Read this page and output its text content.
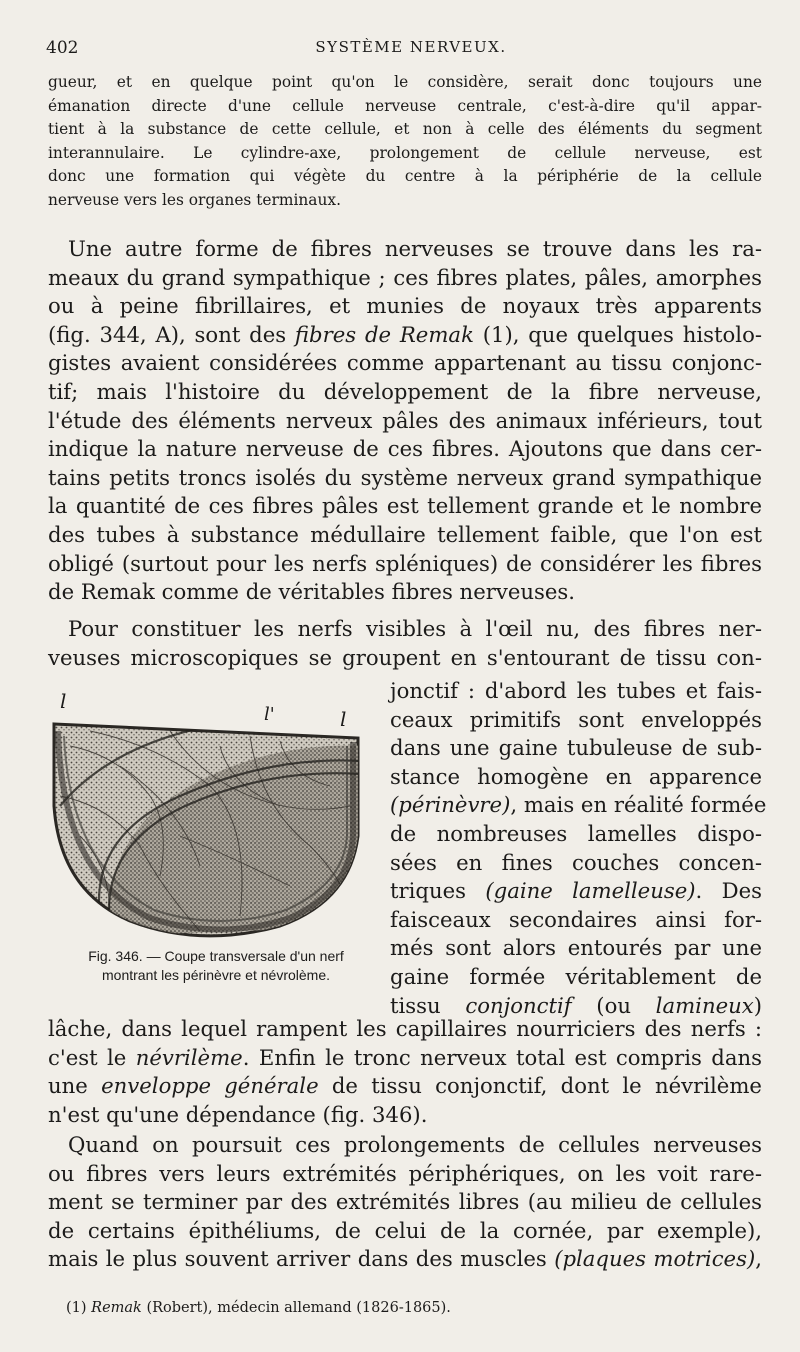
402	SYSTÈME NERVEUX.
gueur, et en quelque point qu'on le considère, serait donc toujours une
émanation directe d'une cellule nerveuse centrale, c'est-à-dire qu'il appar-
tient à la substance de cette cellule, et non à celle des éléments du segment
interannulaire. Le cylindre-axe, prolongement de cellule nerveuse, est
donc une formation qui végète du centre à la périphérie de la cellule
nerveuse vers les organes terminaux.
Une autre forme de fibres nerveuses se trouve dans les ra-
meaux du grand sympathique ; ces fibres plates, pâles, amorphes
ou à peine fibrillaires, et munies de noyaux très apparents
(fig. 344, A), sont des fibres de Remak (1), que quelques histolo-
gistes avaient considérées comme appartenant au tissu conjonc-
tif; mais l'histoire du développement de la fibre nerveuse,
l'étude des éléments nerveux pâles des animaux inférieurs, tout
indique la nature nerveuse de ces fibres. Ajoutons que dans cer-
tains petits troncs isolés du système nerveux grand sympathique
la quantité de ces fibres pâles est tellement grande et le nombre
des tubes à substance médullaire tellement faible, que l'on est
obligé (surtout pour les nerfs spléniques) de considérer les fibres
de Remak comme de véritables fibres nerveuses.
Pour constituer les nerfs visibles à l'œil nu, des fibres ner-
veuses microscopiques se groupent en s'entourant de tissu con-
jonctif : d'abord les tubes et fais-
ceaux primitifs sont enveloppés
dans une gaine tubuleuse de sub-
stance homogène en apparence
(périnèvre), mais en réalité formée
de nombreuses lamelles dispo-
sées en fines couches concen-
triques (gaine lamelleuse). Des
faisceaux secondaires ainsi for-
més sont alors entourés par une
gaine formée véritablement de
tissu conjonctif (ou lamineux)
lâche, dans lequel rampent les capillaires nourriciers des nerfs :
c'est le névrilème. Enfin le tronc nerveux total est compris dans
une enveloppe générale de tissu conjonctif, dont le névrilème
n'est qu'une dépendance (fig. 346).
Quand on poursuit ces prolongements de cellules nerveuses
ou fibres vers leurs extrémités périphériques, on les voit rare-
ment se terminer par des extrémités libres (au milieu de cellules
de certains épithéliums, de celui de la cornée, par exemple),
mais le plus souvent arriver dans des muscles (plaques motrices),
l
l'	l
Fig. 346. — Coupe transversale d'un nerf
montrant les périnèvre et névrolème.
(1) Remak (Robert), médecin allemand (1826-1865).
